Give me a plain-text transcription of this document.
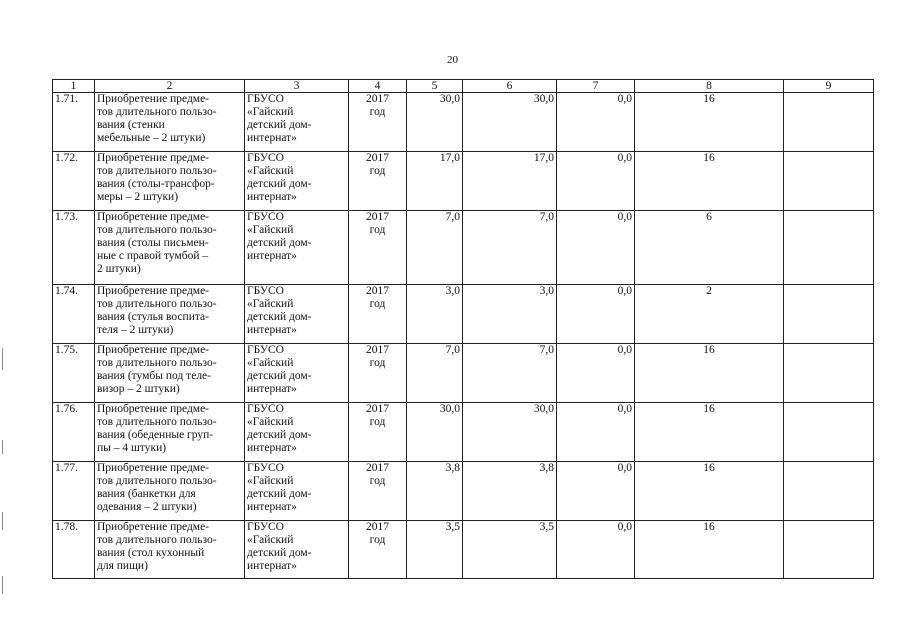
20
1	2	3	4	5	6	7	8	9
1.71.	Приобретение предме-
тов длительного пользо-
вания (стенки
мебельные – 2 штуки)	ГБУСО
«Гайский
детский дом-
интернат»	2017
год	30,0	30,0	0,0	16	
1.72.	Приобретение предме-
тов длительного пользо-
вания (столы-трансфор-
меры – 2 штуки)	ГБУСО
«Гайский
детский дом-
интернат»	2017
год	17,0	17,0	0,0	16	
1.73.	Приобретение предме-
тов длительного пользо-
вания (столы письмен-
ные с правой тумбой –
2 штуки)	ГБУСО
«Гайский
детский дом-
интернат»	2017
год	7,0	7,0	0,0	6	
1.74.	Приобретение предме-
тов длительного пользо-
вания (стулья воспита-
теля – 2 штуки)	ГБУСО
«Гайский
детский дом-
интернат»	2017
год	3,0	3,0	0,0	2	
1.75.	Приобретение предме-
тов длительного пользо-
вания (тумбы под теле-
визор – 2 штуки)	ГБУСО
«Гайский
детский дом-
интернат»	2017
год	7,0	7,0	0,0	16	
1.76.	Приобретение предме-
тов длительного пользо-
вания (обеденные груп-
пы – 4 штуки)	ГБУСО
«Гайский
детский дом-
интернат»	2017
год	30,0	30,0	0,0	16	
1.77.	Приобретение предме-
тов длительного пользо-
вания (банкетки для
одевания – 2 штуки)	ГБУСО
«Гайский
детский дом-
интернат»	2017
год	3,8	3,8	0,0	16	
1.78.	Приобретение предме-
тов длительного пользо-
вания (стол кухонный
для пищи)	ГБУСО
«Гайский
детский дом-
интернат»	2017
год	3,5	3,5	0,0	16	
